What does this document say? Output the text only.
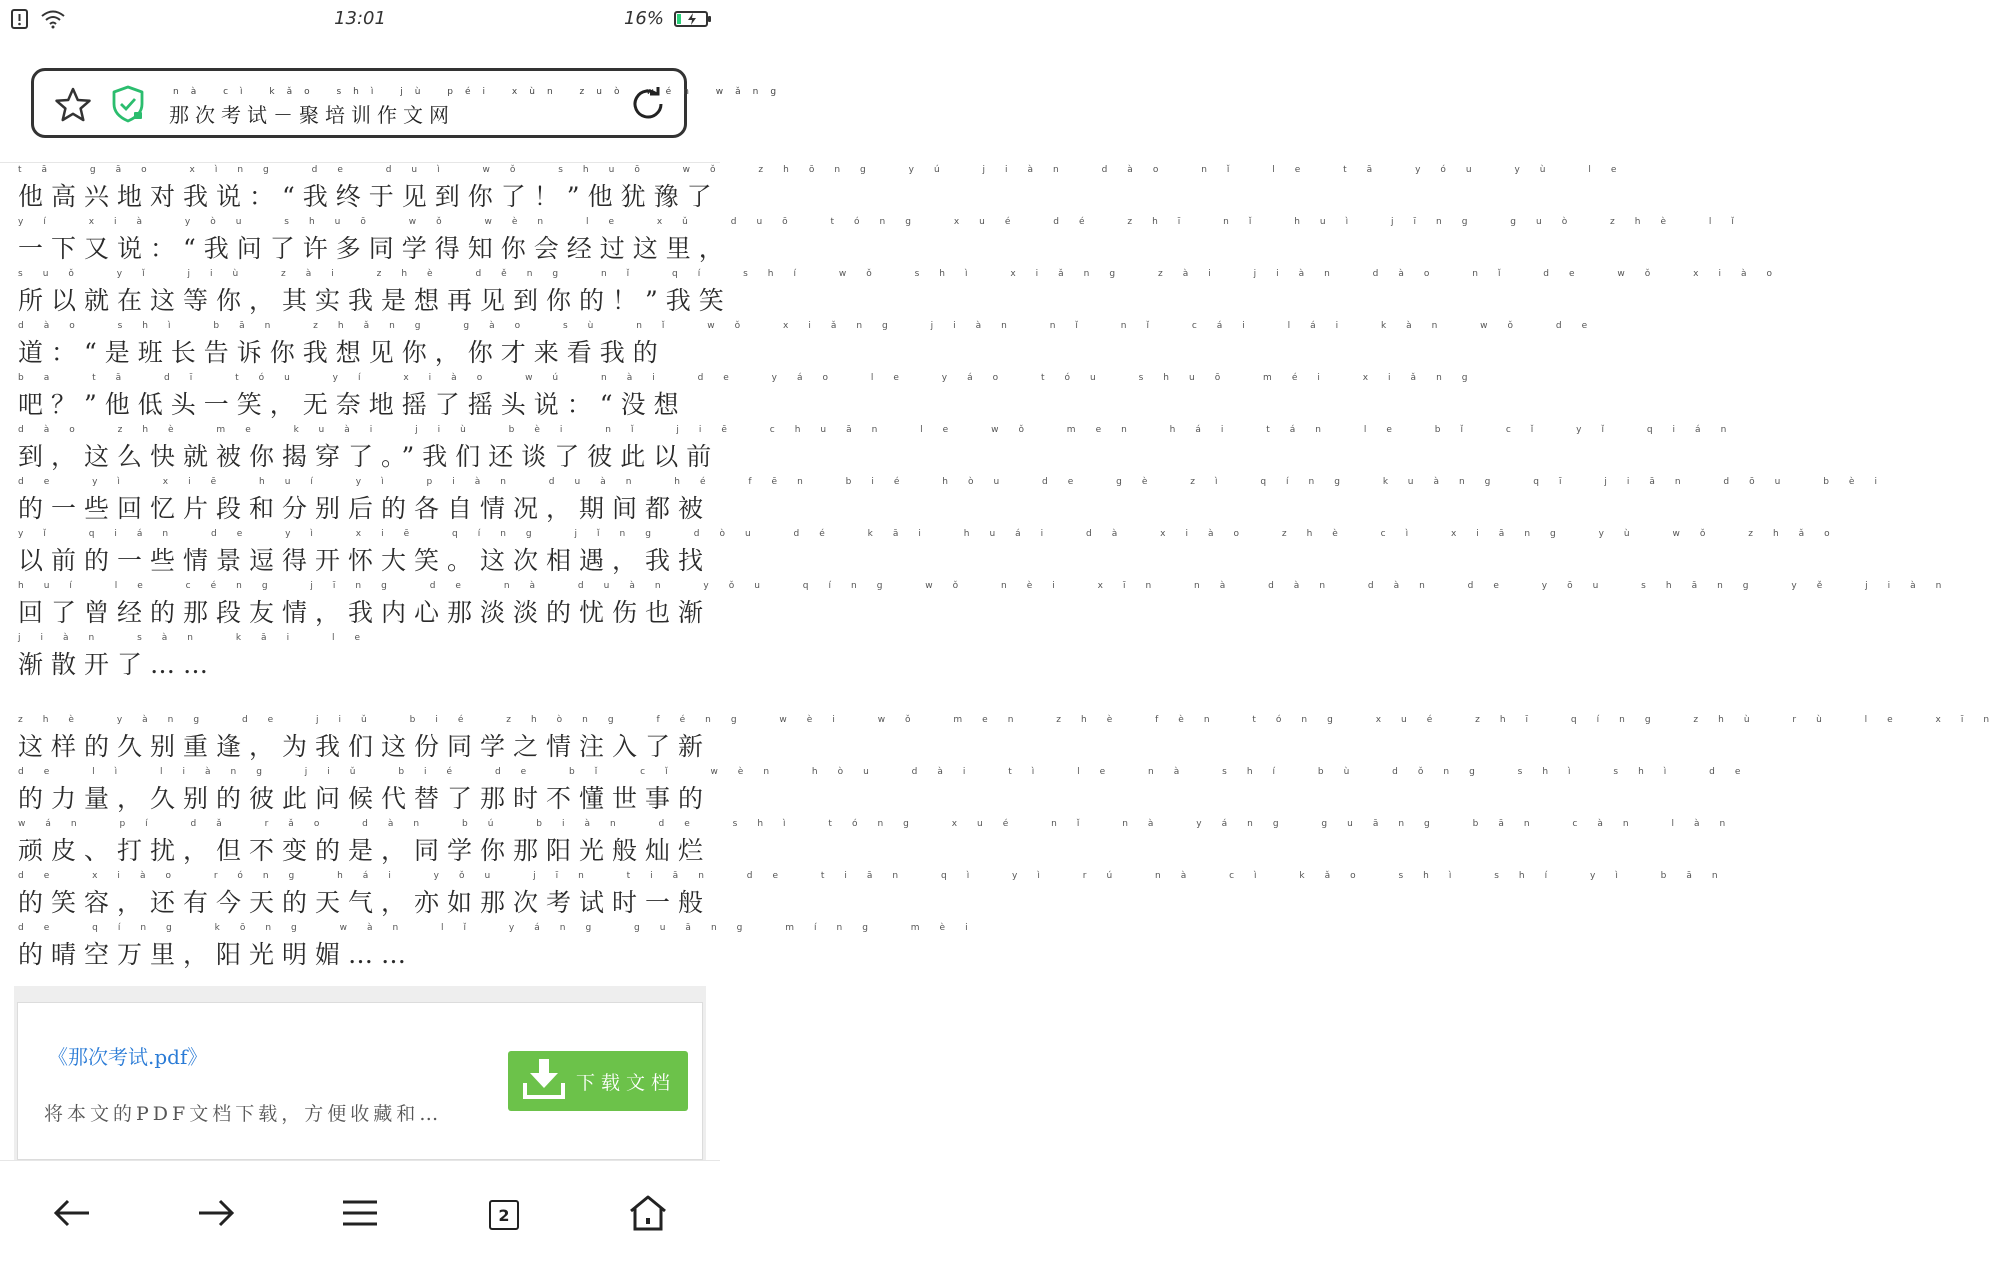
13:01	16%
nà cì kǎo shì jù péi xùn zuò wén wǎng
那次考试－聚培训作文网
tā gāo xìng de duì wǒ shuō wǒ zhōng yú jiàn dào nǐ le tā yóu yù le
他高兴地对我说：“我终于见到你了！”他犹豫了
yí xià yòu shuō wǒ wèn le xǔ duō tóng xué dé zhī nǐ huì jīng guò zhè lǐ
一下又说：“我问了许多同学得知你会经过这里，
suǒ yǐ jiù zài zhè děng nǐ qí shí wǒ shì xiǎng zài jiàn dào nǐ de wǒ xiào
所以就在这等你，其实我是想再见到你的！”我笑
dào shì bān zhǎng gào sù nǐ wǒ xiǎng jiàn nǐ nǐ cái lái kàn wǒ de
道：“是班长告诉你我想见你，你才来看我的
ba tā dī tóu yí xiào wú nài de yáo le yáo tóu shuō méi xiǎng
吧？”他低头一笑，无奈地摇了摇头说：“没想
dào zhè me kuài jiù bèi nǐ jiē chuān le wǒ men hái tán le bǐ cǐ yǐ qián
到，这么快就被你揭穿了。”我们还谈了彼此以前
de yì xiē huí yì piàn duàn hé fēn bié hòu de gè zì qíng kuàng qī jiān dōu bèi
的一些回忆片段和分别后的各自情况，期间都被
yǐ qián de yì xiē qíng jǐng dòu dé kāi huái dà xiào zhè cì xiāng yù wǒ zhǎo
以前的一些情景逗得开怀大笑。这次相遇，我找
huí le céng jīng de nà duàn yǒu qíng wǒ nèi xīn nà dàn dàn de yōu shāng yě jiàn
回了曾经的那段友情，我内心那淡淡的忧伤也渐
jiàn sàn kāi le
渐散开了……
zhè yàng de jiǔ bié zhòng féng wèi wǒ men zhè fèn tóng xué zhī qíng zhù rù le xīn
这样的久别重逢，为我们这份同学之情注入了新
de lì liàng jiǔ bié de bǐ cǐ wèn hòu dài tì le nà shí bù dǒng shì shì de
的力量，久别的彼此问候代替了那时不懂世事的
wán pí dǎ rǎo dàn bú biàn de shì tóng xué nǐ nà yáng guāng bān càn làn
顽皮、打扰，但不变的是，同学你那阳光般灿烂
de xiào róng hái yǒu jīn tiān de tiān qì yì rú nà cì kǎo shì shí yì bān
的笑容，还有今天的天气，亦如那次考试时一般
de qíng kōng wàn lǐ yáng guāng míng mèi
的晴空万里，阳光明媚……
《那次考试.pdf》
将本文的PDF文档下载，方便收藏和…
下载文档
2
